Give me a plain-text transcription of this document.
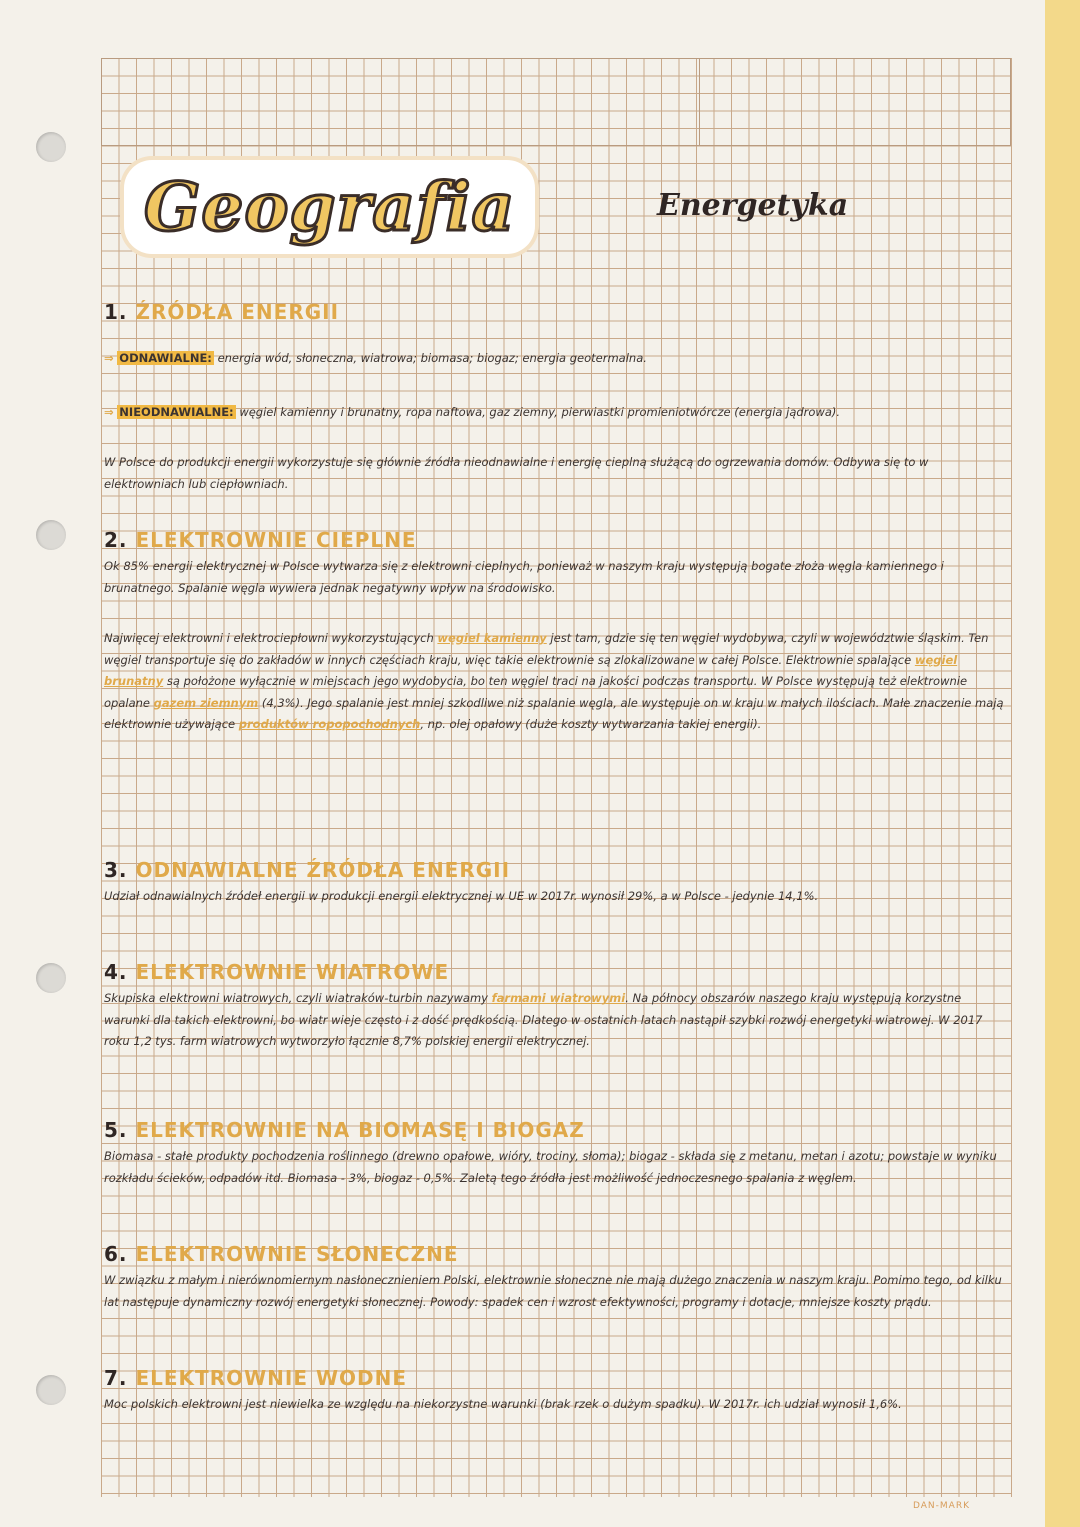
Geografia	Energetyka
1. ŹRÓDŁA ENERGII
⇒ ODNAWIALNE: energia wód, słoneczna, wiatrowa; biomasa; biogaz; energia geotermalna.
⇒ NIEODNAWIALNE: węgiel kamienny i brunatny, ropa naftowa, gaz ziemny, pierwiastki promieniotwórcze (energia jądrowa).
W Polsce do produkcji energii wykorzystuje się głównie źródła nieodnawialne i energię cieplną służącą do ogrzewania domów. Odbywa się to w elektrowniach lub ciepłowniach.
2. ELEKTROWNIE CIEPLNE
Ok 85% energii elektrycznej w Polsce wytwarza się z elektrowni cieplnych, ponieważ w naszym kraju występują bogate złoża węgla kamiennego i brunatnego. Spalanie węgla wywiera jednak negatywny wpływ na środowisko.
Najwięcej elektrowni i elektrociepłowni wykorzystujących węgiel kamienny jest tam, gdzie się ten węgiel wydobywa, czyli w województwie śląskim. Ten węgiel transportuje się do zakładów w innych częściach kraju, więc takie elektrownie są zlokalizowane w całej Polsce. Elektrownie spalające węgiel brunatny są położone wyłącznie w miejscach jego wydobycia, bo ten węgiel traci na jakości podczas transportu. W Polsce występują też elektrownie opalane gazem ziemnym (4,3%). Jego spalanie jest mniej szkodliwe niż spalanie węgla, ale występuje on w kraju w małych ilościach. Małe znaczenie mają elektrownie używające produktów ropopochodnych, np. olej opałowy (duże koszty wytwarzania takiej energii).
3. ODNAWIALNE ŹRÓDŁA ENERGII
Udział odnawialnych źródeł energii w produkcji energii elektrycznej w UE w 2017r. wynosił 29%, a w Polsce - jedynie 14,1%.
4. ELEKTROWNIE WIATROWE
Skupiska elektrowni wiatrowych, czyli wiatraków-turbin nazywamy farmami wiatrowymi. Na północy obszarów naszego kraju występują korzystne warunki dla takich elektrowni, bo wiatr wieje często i z dość prędkością. Dlatego w ostatnich latach nastąpił szybki rozwój energetyki wiatrowej. W 2017 roku 1,2 tys. farm wiatrowych wytworzyło łącznie 8,7% polskiej energii elektrycznej.
5. ELEKTROWNIE NA BIOMASĘ I BIOGAZ
Biomasa - stałe produkty pochodzenia roślinnego (drewno opałowe, wióry, trociny, słoma); biogaz - składa się z metanu, metan i azotu; powstaje w wyniku rozkładu ścieków, odpadów itd. Biomasa - 3%, biogaz - 0,5%. Zaletą tego źródła jest możliwość jednoczesnego spalania z węglem.
6. ELEKTROWNIE SŁONECZNE
W związku z małym i nierównomiernym nasłonecznieniem Polski, elektrownie słoneczne nie mają dużego znaczenia w naszym kraju. Pomimo tego, od kilku lat następuje dynamiczny rozwój energetyki słonecznej. Powody: spadek cen i wzrost efektywności, programy i dotacje, mniejsze koszty prądu.
7. ELEKTROWNIE WODNE
Moc polskich elektrowni jest niewielka ze względu na niekorzystne warunki (brak rzek o dużym spadku). W 2017r. ich udział wynosił 1,6%.
DAN-MARK
